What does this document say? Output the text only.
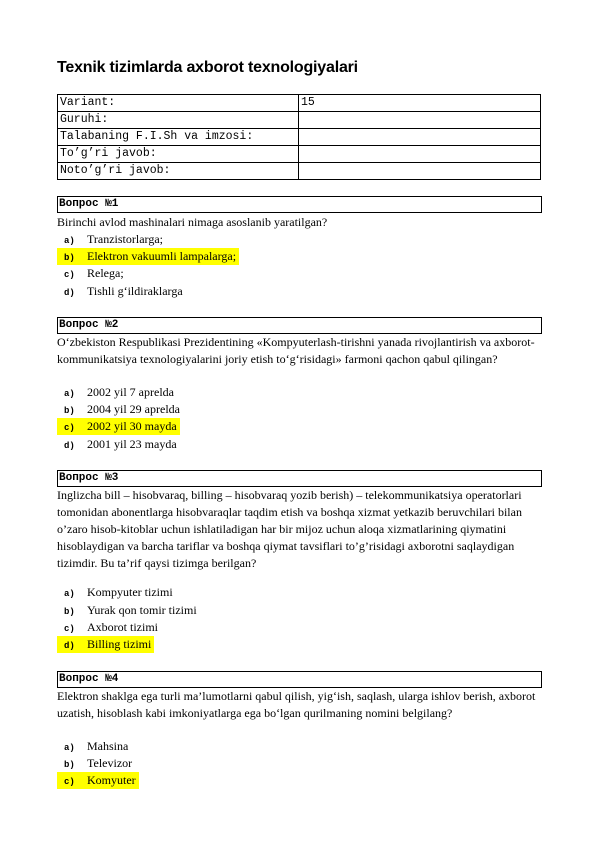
Texnik tizimlarda axborot texnologiyalari
Variant:	15
Guruhi:	
Talabaning F.I.Sh va imzosi:	
To’g’ri javob:	
Noto’g’ri javob:	
Вопрос №1
Birinchi avlod mashinalari nimaga asoslanib yaratilgan?
a) Tranzistorlarga;
b) Elektron vakuumli lampalarga;
c) Relega;
d) Tishli g‘ildiraklarga
Вопрос №2
O‘zbekiston Respublikasi Prezidentining «Kompyuterlash-tirishni yanada rivojlantirish va axborot-kommunikatsiya texnologiyalarini joriy etish to‘g‘risidagi» farmoni qachon qabul qilingan?
a) 2002 yil 7 aprelda
b) 2004 yil 29 aprelda
c) 2002 yil 30 mayda
d) 2001 yil 23 mayda
Вопрос №3
Inglizcha bill – hisobvaraq, billing – hisobvaraq yozib berish) – telekommunikatsiya operatorlari tomonidan abonentlarga hisobvaraqlar taqdim etish va boshqa xizmat yetkazib beruvchilari bilan o’zaro hisob-kitoblar uchun ishlatiladigan har bir mijoz uchun aloqa xizmatlarining qiymatini hisoblaydigan va barcha tariflar va boshqa qiymat tavsiflari to’g’risidagi axborotni saqlaydigan tizimdir. Bu ta’rif qaysi tizimga berilgan?
a) Kompyuter tizimi
b) Yurak qon tomir tizimi
c) Axborot tizimi
d) Billing tizimi
Вопрос №4
Elektron shaklga ega turli ma’lumotlarni qabul qilish, yig‘ish, saqlash, ularga ishlov berish, axborot uzatish, hisoblash kabi imkoniyatlarga ega bo‘lgan qurilmaning nomini belgilang?
a) Mahsina
b) Televizor
c) Komyuter
